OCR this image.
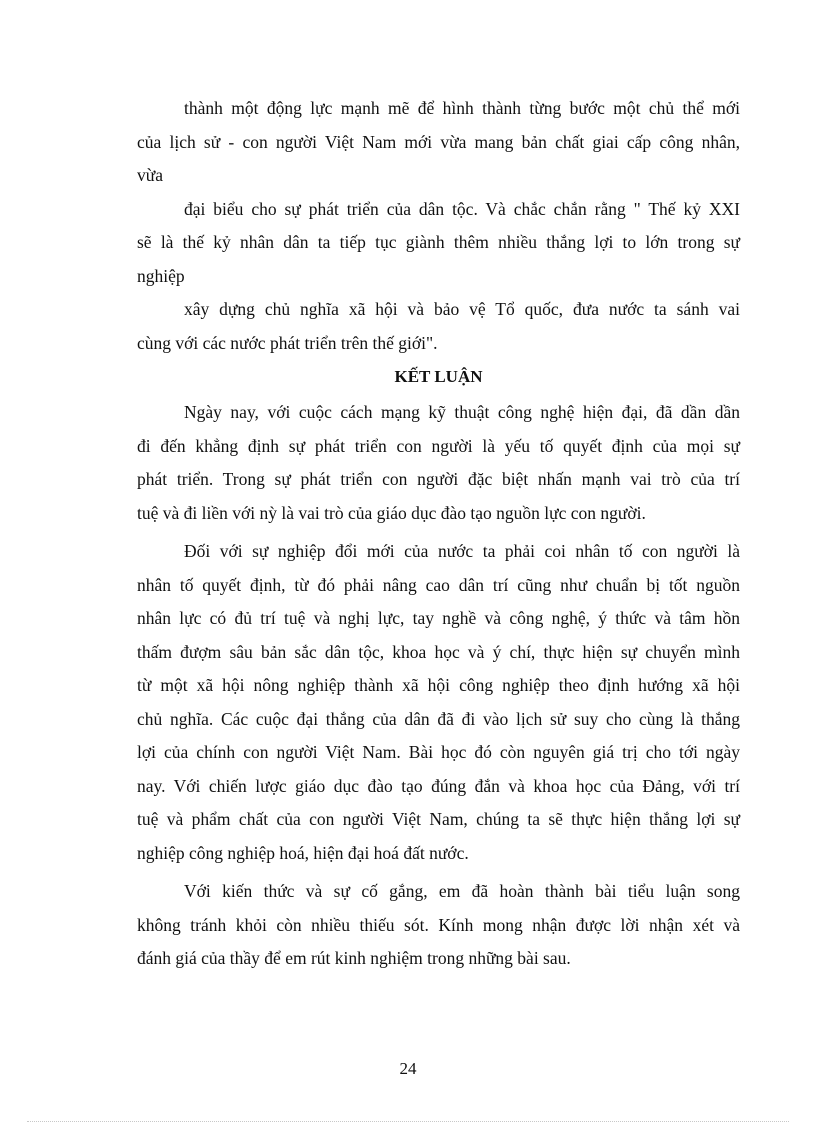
thành một động lực mạnh mẽ để hình thành từng bước một chủ thể mới
của lịch sử - con người Việt Nam mới vừa mang bản chất giai cấp công nhân,
vừa
đại biểu cho sự phát triển của dân tộc. Và chắc chắn rằng " Thế kỷ XXI
sẽ là thế kỷ nhân dân ta tiếp tục giành thêm nhiều thắng lợi to lớn trong sự
nghiệp
xây dựng chủ nghĩa xã hội và bảo vệ Tổ quốc, đưa nước ta sánh vai
cùng với các nước phát triển trên thế giới".
KẾT LUẬN
Ngày nay, với cuộc cách mạng kỹ thuật công nghệ hiện đại, đã dần dần
đi đến khẳng định sự phát triển con người là yếu tố quyết định của mọi sự
phát triển. Trong sự phát triển con người đặc biệt nhấn mạnh vai trò của trí
tuệ và đi liền với nỳ là vai trò của giáo dục đào tạo nguồn lực con người.
Đối với sự nghiệp đổi mới của nước ta phải coi nhân tố con người là
nhân tố quyết định, từ đó phải nâng cao dân trí cũng như chuẩn bị tốt nguồn
nhân lực có đủ trí tuệ và nghị lực, tay nghề và công nghệ, ý thức và tâm hồn
thấm đượm sâu bản sắc dân tộc, khoa học và ý chí, thực hiện sự chuyển mình
từ một xã hội nông nghiệp thành xã hội công nghiệp theo định hướng xã hội
chủ nghĩa. Các cuộc đại thắng của dân đã đi vào lịch sử suy cho cùng là thắng
lợi của chính con người Việt Nam. Bài học đó còn nguyên giá trị cho tới ngày
nay. Với chiến lược giáo dục đào tạo đúng đắn và khoa học của Đảng, với trí
tuệ và phẩm chất của con người Việt Nam, chúng ta sẽ thực hiện thắng lợi sự
nghiệp công nghiệp hoá, hiện đại hoá đất nước.
Với kiến thức và sự cố gắng, em đã hoàn thành bài tiểu luận song
không tránh khỏi còn nhiều thiếu sót. Kính mong nhận được lời nhận xét và
đánh giá của thầy để em rút kinh nghiệm trong những bài sau.
24
